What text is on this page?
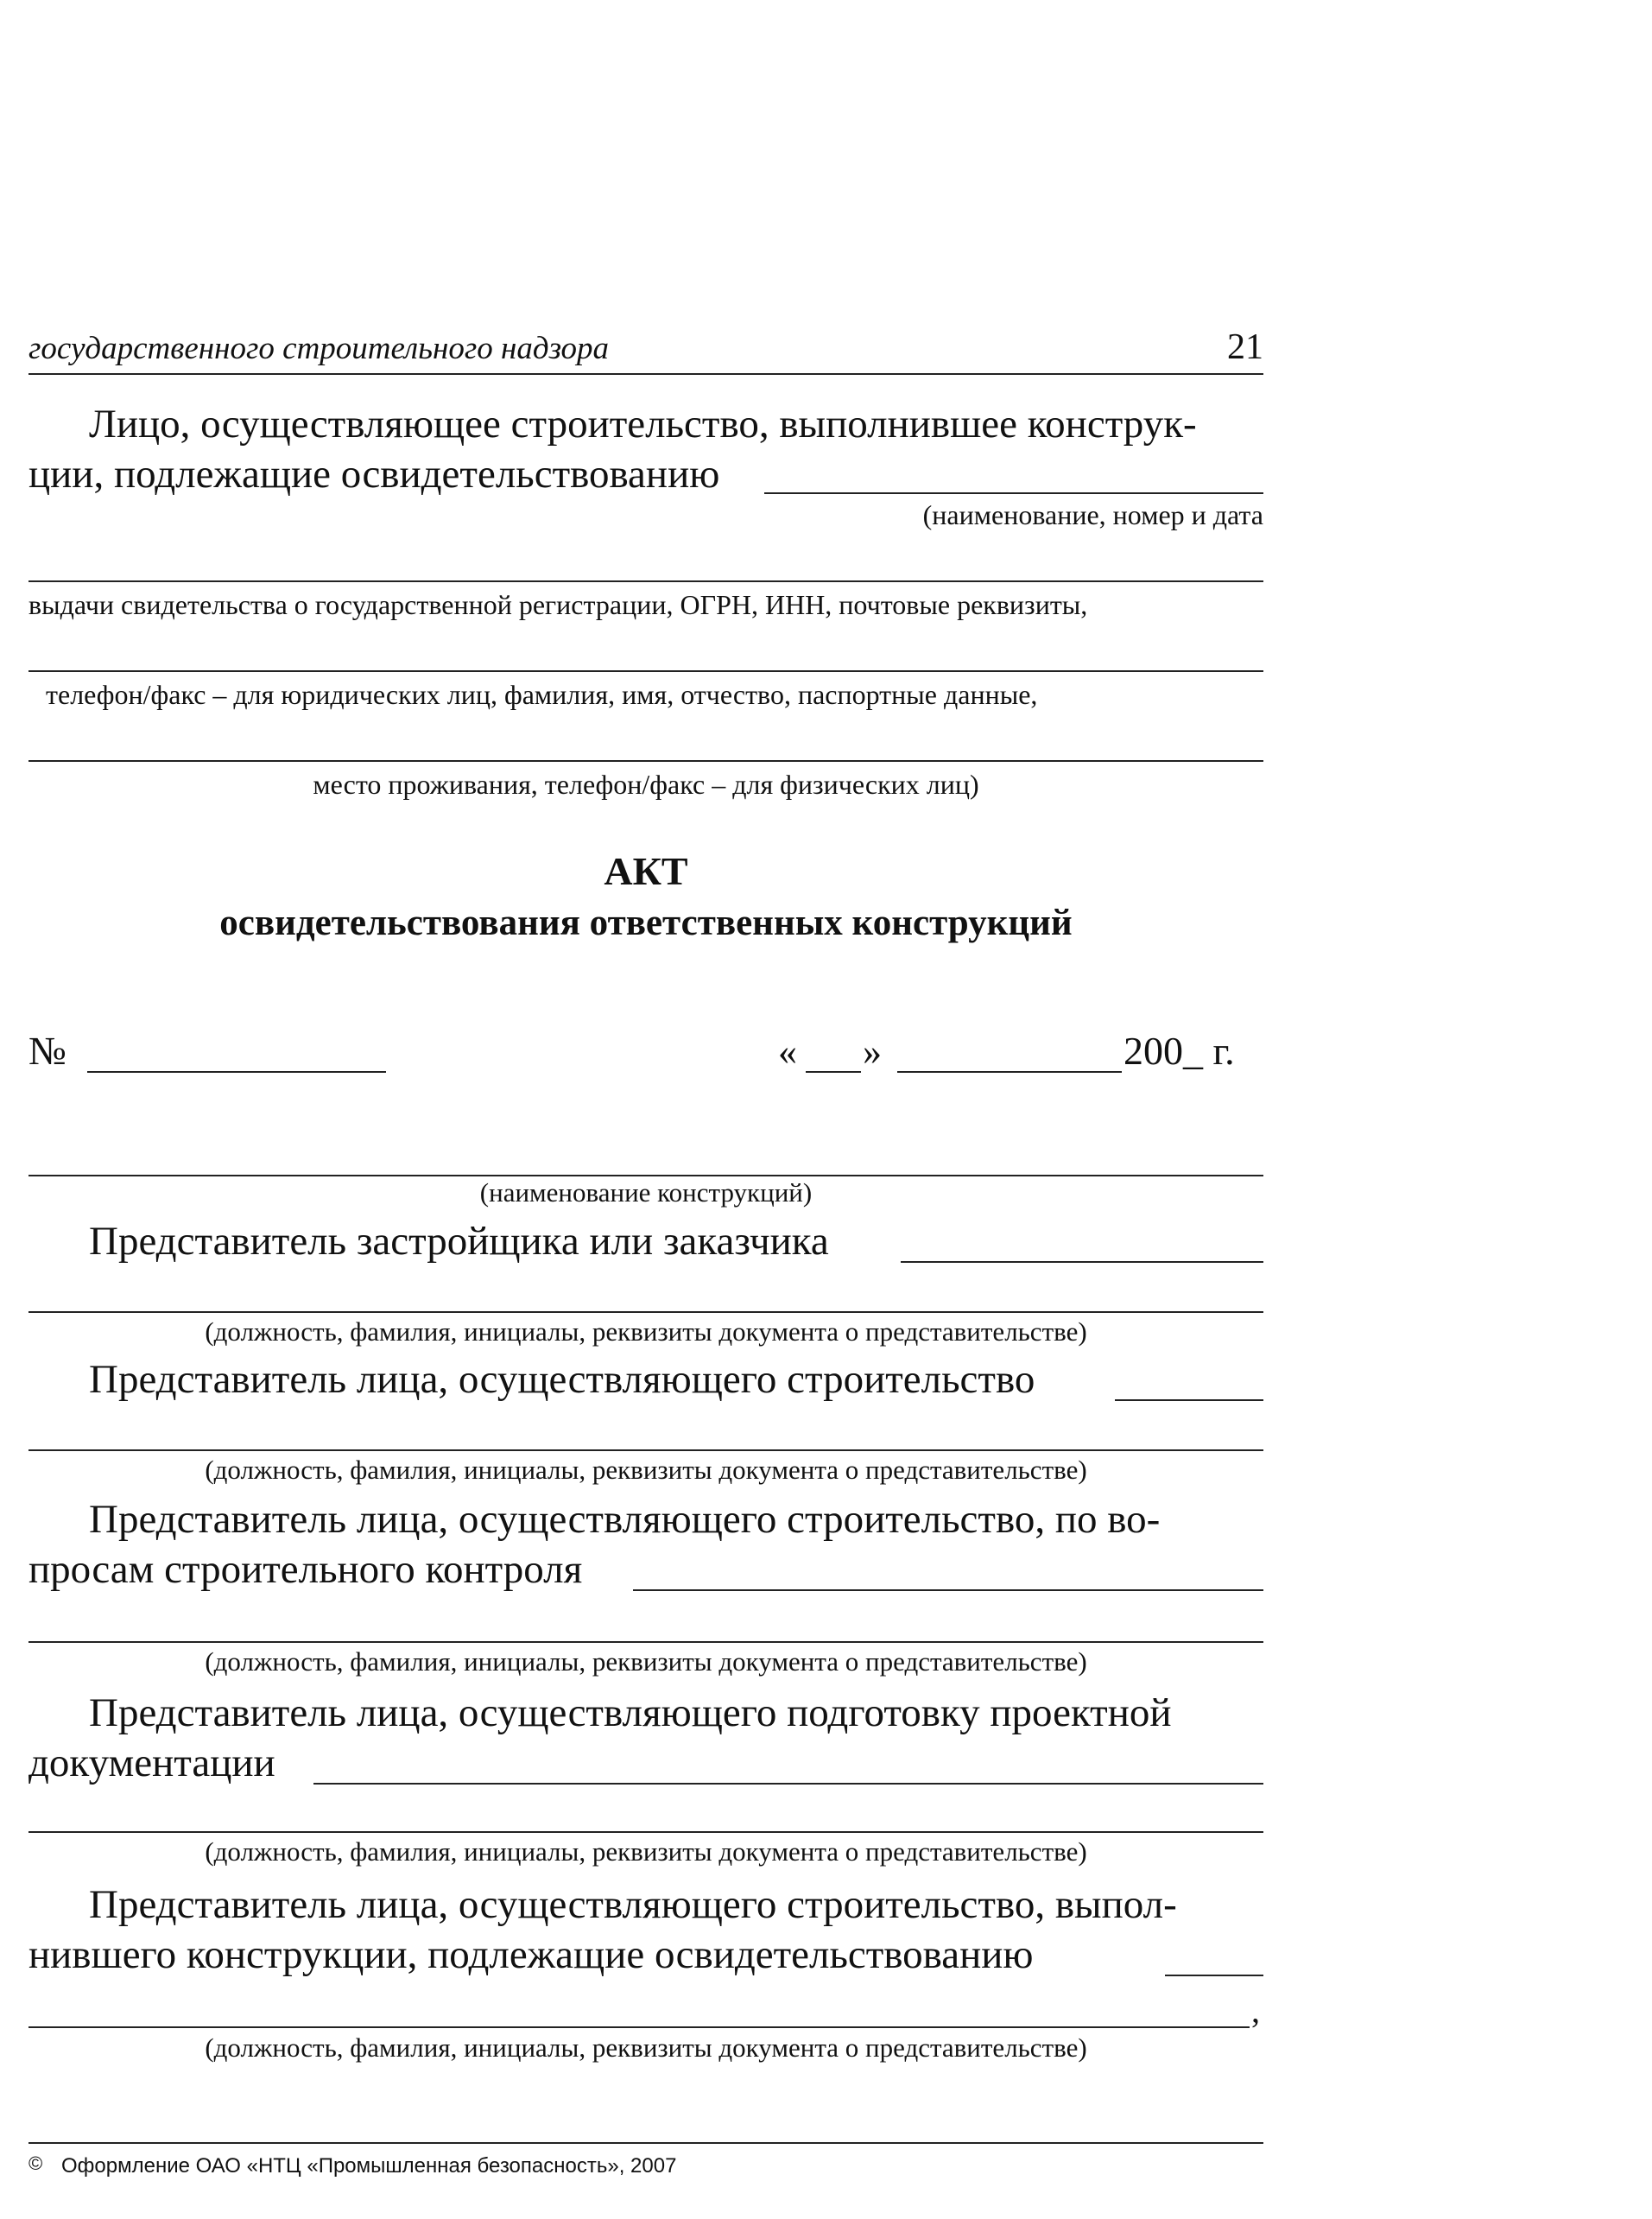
государственного строительного надзора	21
Лицо, осуществляющее строительство, выполнившее конструк-
ции, подлежащие освидетельствованию
(наименование, номер и дата
выдачи свидетельства о государственной регистрации, ОГРН, ИНН, почтовые реквизиты,
телефон/факс – для юридических лиц, фамилия, имя, отчество, паспортные данные,
место проживания, телефон/факс – для физических лиц)
АКТ
освидетельствования ответственных конструкций
№	« »	200_ г.
(наименование конструкций)
Представитель застройщика или заказчика
(должность, фамилия, инициалы, реквизиты документа о представительстве)
Представитель лица, осуществляющего строительство
(должность, фамилия, инициалы, реквизиты документа о представительстве)
Представитель лица, осуществляющего строительство, по во-
просам строительного контроля
(должность, фамилия, инициалы, реквизиты документа о представительстве)
Представитель лица, осуществляющего подготовку проектной
документации
(должность, фамилия, инициалы, реквизиты документа о представительстве)
Представитель лица, осуществляющего строительство, выпол-
нившего конструкции, подлежащие освидетельствованию
,
(должность, фамилия, инициалы, реквизиты документа о представительстве)
© Оформление ОАО «НТЦ «Промышленная безопасность», 2007
